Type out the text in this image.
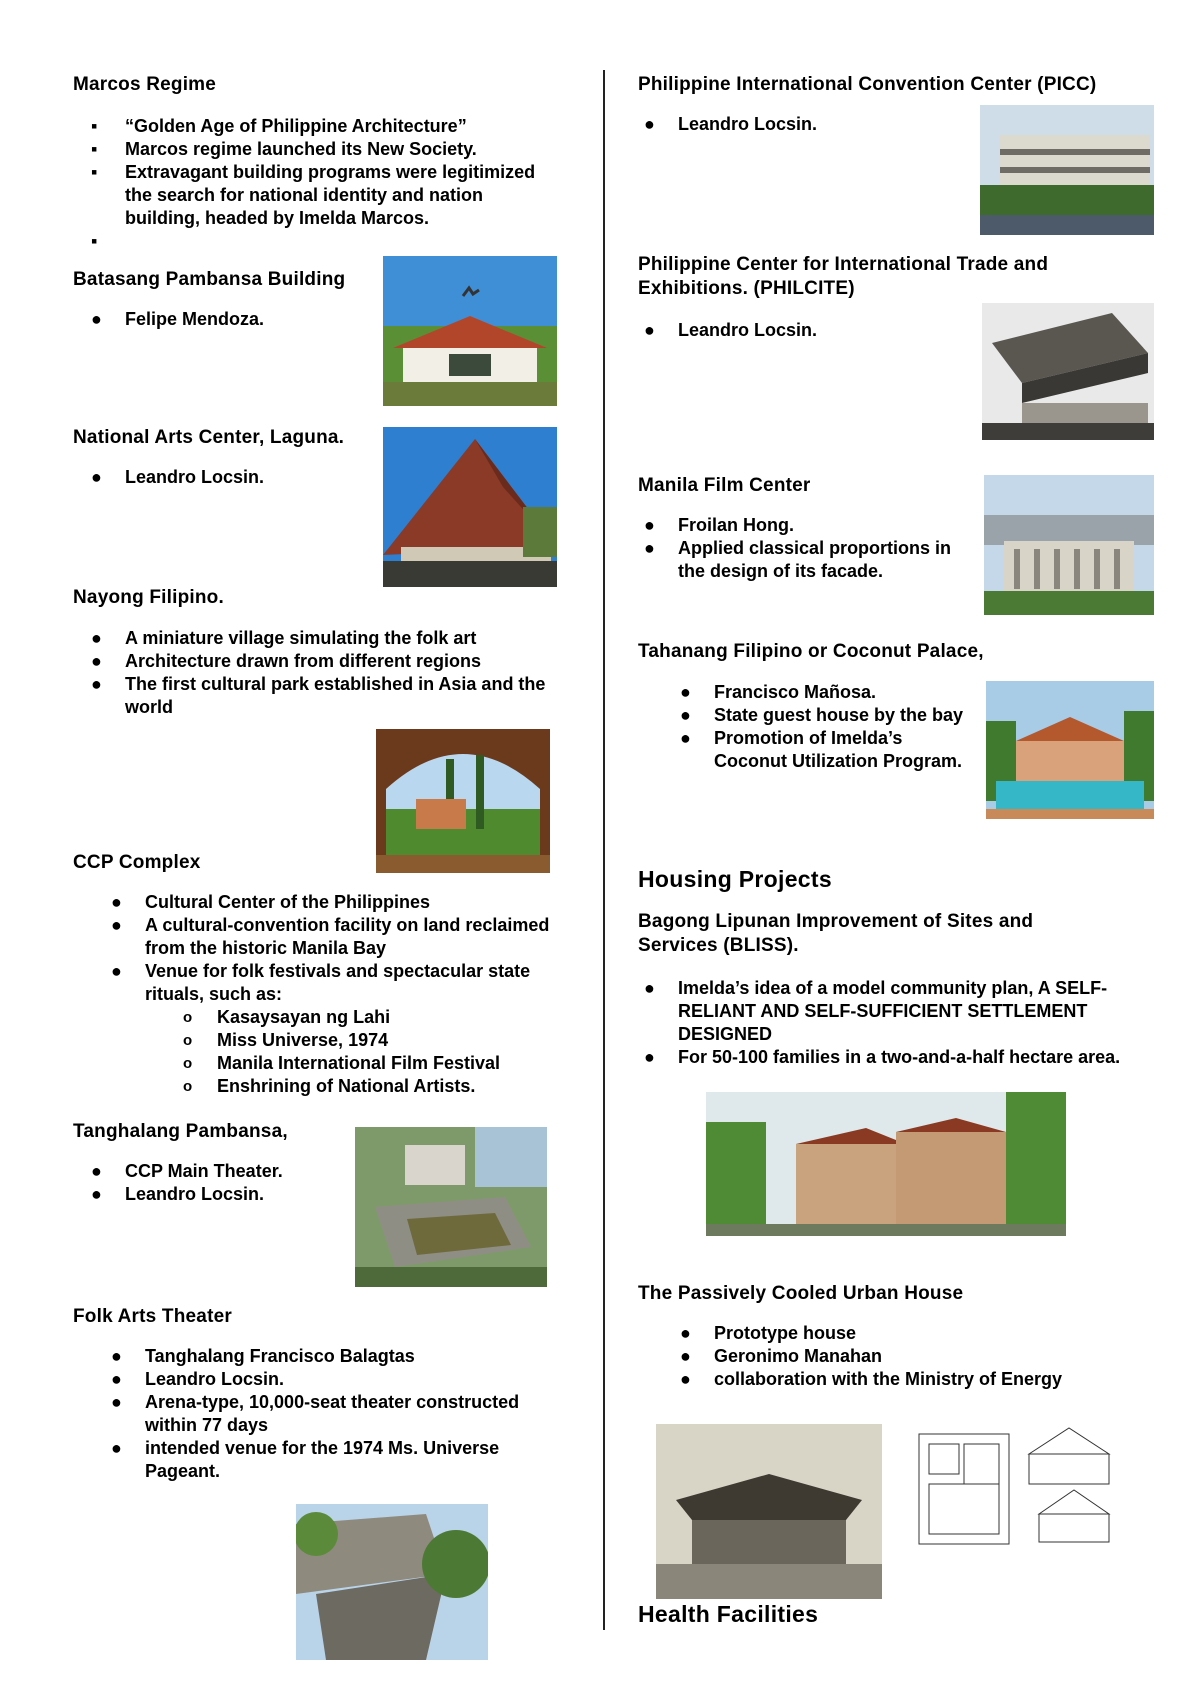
Marcos Regime
▪	“Golden Age of Philippine Architecture”
▪	Marcos regime launched its New Society.
▪	Extravagant building programs were legitimized the search for national identity and nation building, headed by Imelda Marcos.
▪

Batasang Pambansa Building
●	Felipe Mendoza.
National Arts Center, Laguna.
●	Leandro Locsin.
Nayong Filipino.
●	A miniature village simulating the folk art
●	Architecture drawn from different regions
●	The first cultural park established in Asia and the world
CCP Complex
●	Cultural Center of the Philippines
●	A cultural-convention facility on land reclaimed from the historic Manila Bay
●	Venue for folk festivals and spectacular state rituals, such as:
o	Kasaysayan ng Lahi
o	Miss Universe, 1974
o	Manila International Film Festival
o	Enshrining of National Artists.
Tanghalang Pambansa,
●	CCP Main Theater.
●	Leandro Locsin.
Folk Arts Theater
●	Tanghalang Francisco Balagtas
●	Leandro Locsin.
●	Arena-type, 10,000-seat theater constructed within 77 days
●	intended venue for the 1974 Ms. Universe Pageant.
Philippine International Convention Center (PICC)
●	Leandro Locsin.
Philippine Center for International Trade and Exhibitions. (PHILCITE)
●	Leandro Locsin.
Manila Film Center
●	Froilan Hong.
●	Applied classical proportions in the design of its facade.
Tahanang Filipino or Coconut Palace,
●	Francisco Mañosa.
●	State guest house by the bay
●	Promotion of Imelda’s Coconut Utilization Program.
Housing Projects
Bagong Lipunan Improvement of Sites and Services (BLISS).
●	Imelda’s idea of a model community plan, A SELF-RELIANT AND SELF-SUFFICIENT SETTLEMENT DESIGNED
●	For 50-100 families in a two-and-a-half hectare area.
The Passively Cooled Urban House
●	Prototype house
●	Geronimo Manahan
●	collaboration with the Ministry of Energy
Health Facilities
